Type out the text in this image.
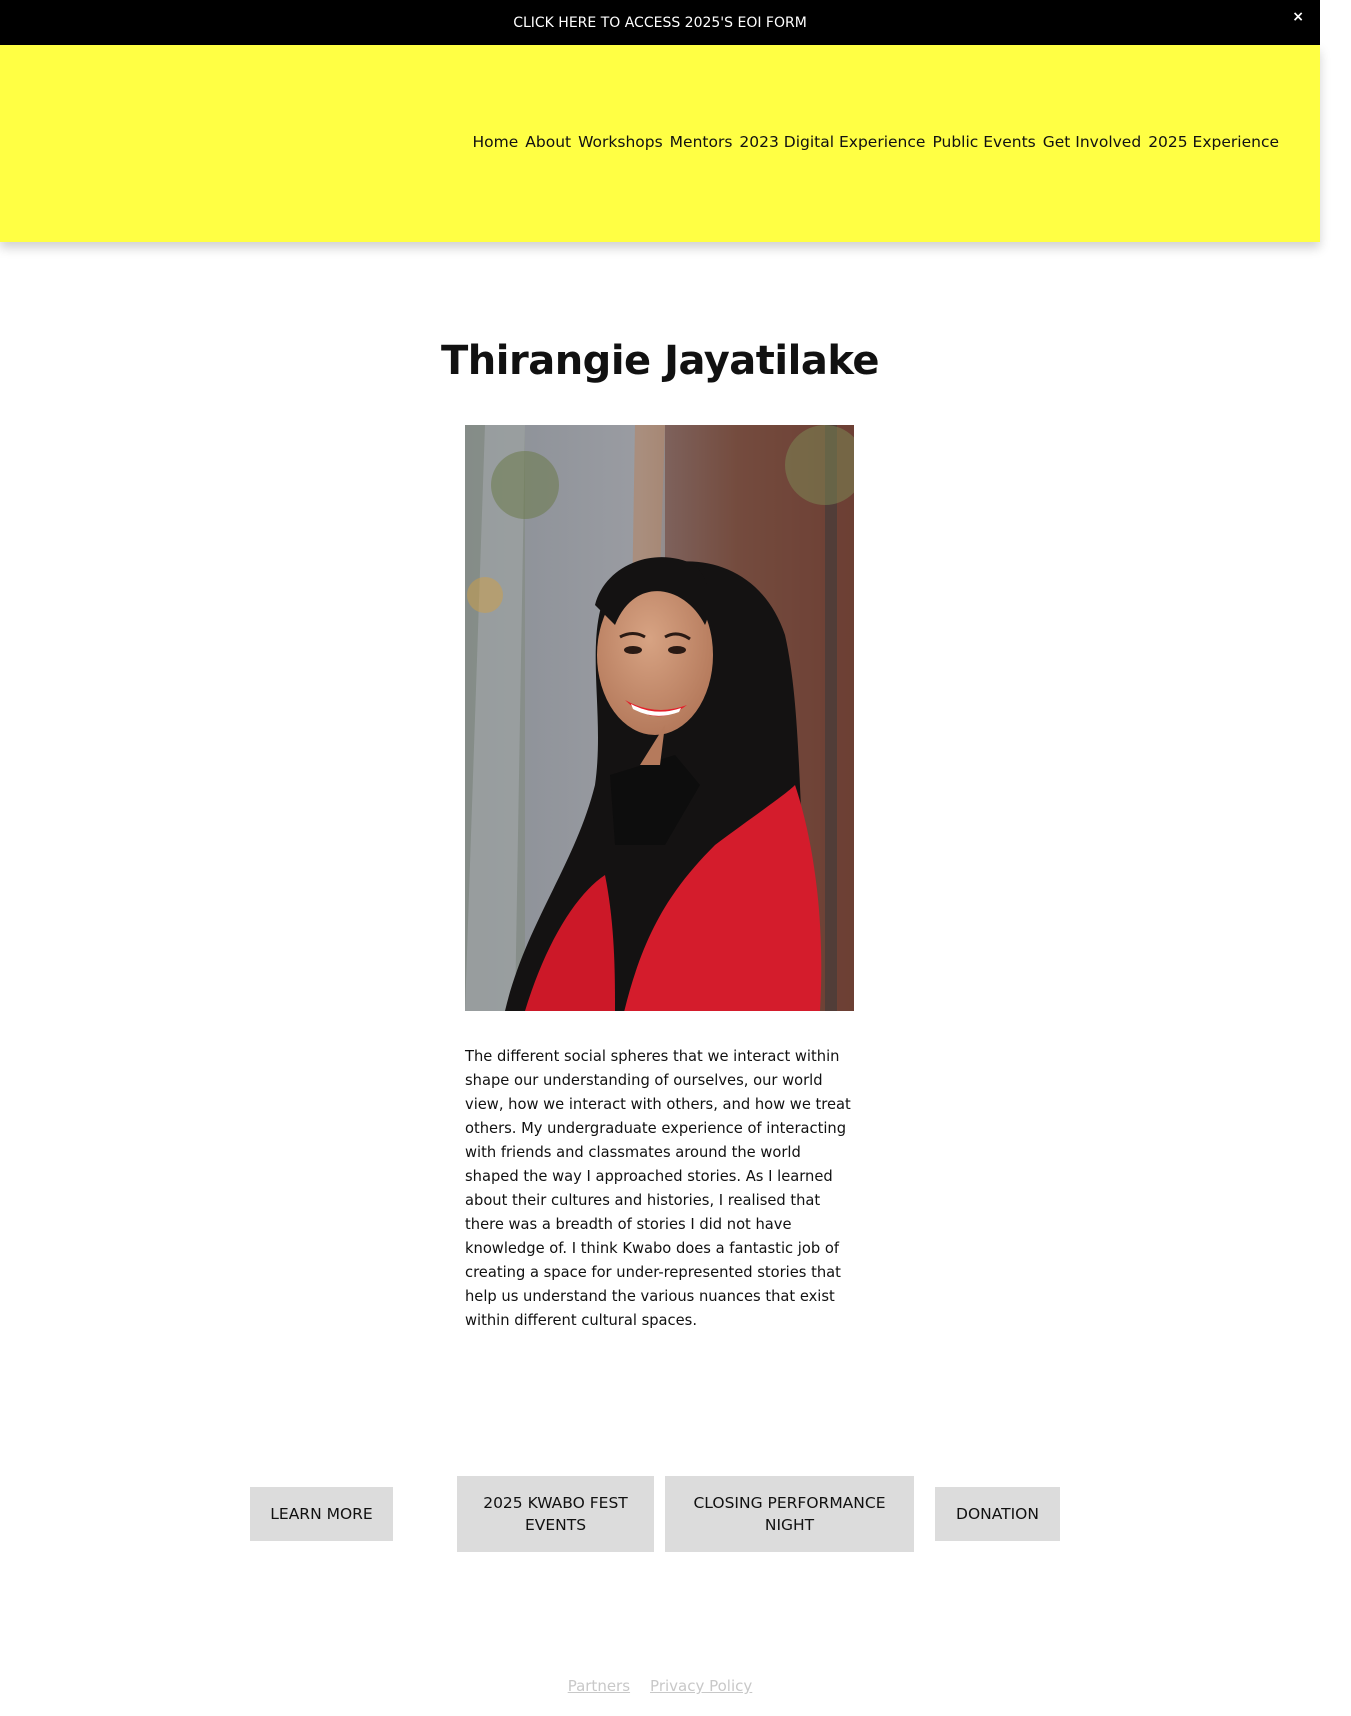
CLICK HERE TO ACCESS 2025'S EOI FORM	×
Home About Workshops Mentors 2023 Digital Experience Public Events Get Involved 2025 Experience
Thirangie Jayatilake

The different social spheres that we interact within shape our understanding of ourselves, our world view, how we interact with others, and how we treat others. My undergraduate experience of interacting with friends and classmates around the world shaped the way I approached stories. As I learned about their cultures and histories, I realised that there was a breadth of stories I did not have knowledge of. I think Kwabo does a fantastic job of creating a space for under-represented stories that help us understand the various nuances that exist within different cultural spaces.

LEARN MORE
2025 KWABO FEST EVENTS
CLOSING PERFORMANCE NIGHT
DONATION
Partners Privacy Policy
